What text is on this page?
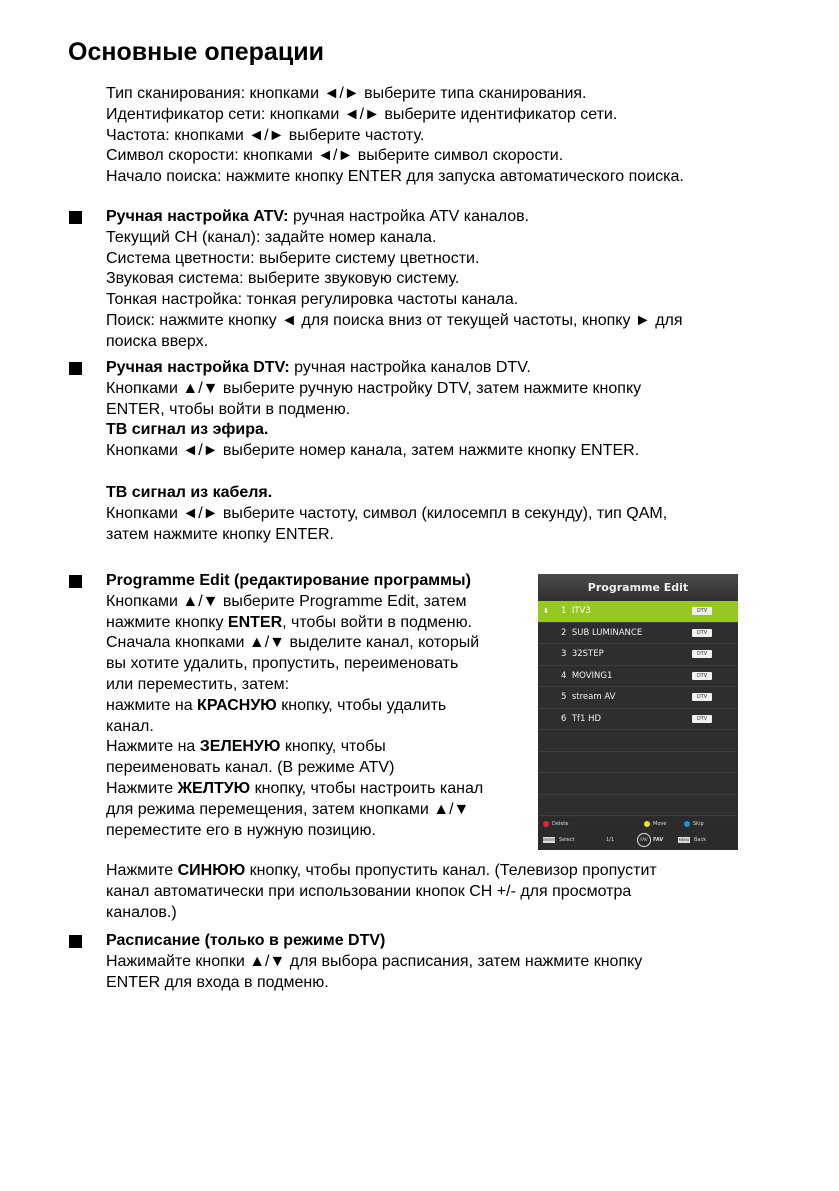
Основные операции

Тип сканирования: кнопками ◄/► выберите типа сканирования.

Идентификатор сети: кнопками ◄/► выберите идентификатор сети.

Частота: кнопками ◄/► выберите частоту.

Символ скорости: кнопками ◄/► выберите символ скорости.

Начало поиска: нажмите кнопку ENTER для запуска автоматического поиска.

Ручная настройка ATV: ручная настройка ATV каналов.

Текущий CH (канал): задайте номер канала.

Система цветности: выберите систему цветности.

Звуковая система: выберите звуковую систему.

Тонкая настройка: тонкая регулировка частоты канала.

Поиск: нажмите кнопку ◄ для поиска вниз от текущей частоты, кнопку ► для

поиска вверх.

Ручная настройка DTV: ручная настройка каналов DTV.

Кнопками ▲/▼ выберите ручную настройку DTV, затем нажмите кнопку

ENTER, чтобы войти в подменю.

ТВ сигнал из эфира.

Кнопками ◄/► выберите номер канала, затем нажмите кнопку ENTER.

ТВ сигнал из кабеля.

Кнопками ◄/► выберите частоту, символ (килосемпл в секунду), тип QAM,

затем нажмите кнопку ENTER.

Programme Edit (редактирование программы)

Кнопками ▲/▼ выберите Programme Edit, затем

нажмите кнопку ENTER, чтобы войти в подменю.

Сначала кнопками ▲/▼ выделите канал, который

вы хотите удалить, пропустить, переименовать

или переместить, затем:

нажмите на КРАСНУЮ кнопку, чтобы удалить

канал.

Нажмите на ЗЕЛЕНУЮ кнопку, чтобы

переименовать канал. (В режиме ATV)

Нажмите ЖЕЛТУЮ кнопку, чтобы настроить канал

для режима перемещения, затем кнопками ▲/▼

переместите его в нужную позицию.

Нажмите СИНЮЮ кнопку, чтобы пропустить канал. (Телевизор пропустит

канал автоматически при использовании кнопок CH +/- для просмотра

каналов.)

Programme Edit
⬍ 1 ITV3	DTV
2 SUB LUMINANCE	DTV
3 32STEP	DTV
4 MOVING1	DTV
5 stream AV	DTV
6 Tf1 HD	DTV
Delete	Move	Skip
ENTER Select	1/1	FAV	FAV	MENU Back

Расписание (только в режиме DTV)

Нажимайте кнопки ▲/▼ для выбора расписания, затем нажмите кнопку

ENTER для входа в подменю.
